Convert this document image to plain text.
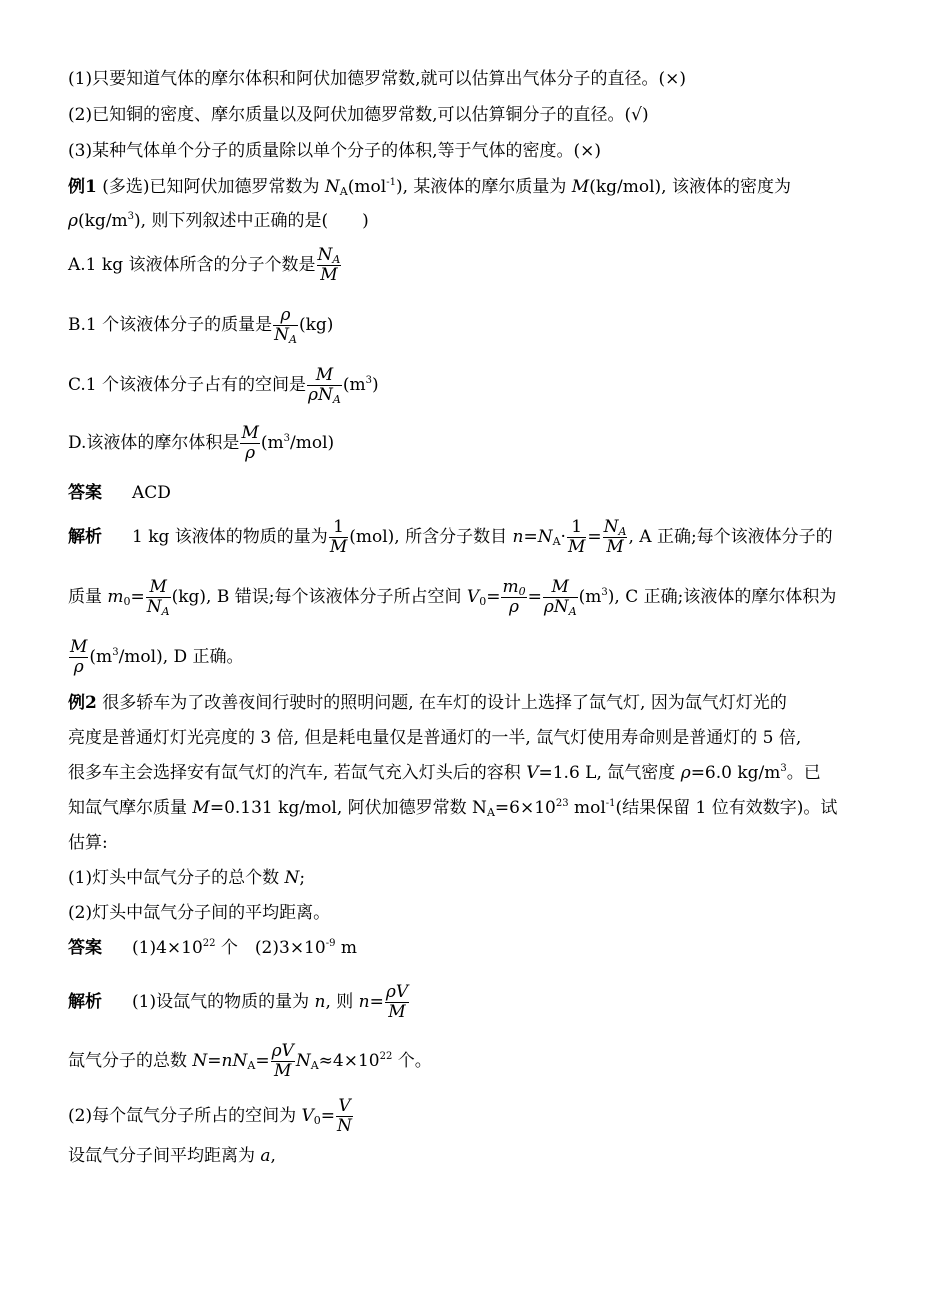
(1)只要知道气体的摩尔体积和阿伏加德罗常数,就可以估算出气体分子的直径。(×)
(2)已知铜的密度、摩尔质量以及阿伏加德罗常数,可以估算铜分子的直径。(√)
(3)某种气体单个分子的质量除以单个分子的体积,等于气体的密度。(×)
例1 (多选)已知阿伏加德罗常数为 $N_A(mol^{-1})$, 某液体的摩尔质量为 M(kg/mol), 该液体的密度为
$\rho(kg/m^3)$, 则下列叙述中正确的是(　　)
A.1 kg 该液体所含的分子个数是 $\frac{N_A}{M}$
B.1 个该液体分子的质量是 $\frac{\rho}{N_A} (kg)$
C.1 个该液体分子占有的空间是 $\frac{M}{\rho N_A} (m^3)$
D.该液体的摩尔体积是 $\frac{M}{\rho} (m^3/mol)$
答案 ACD
解析 1 kg 该液体的物质的量为 $\frac{1}{M} (mol)$, 所含分子数目 $n=N_A\cdot \frac{1}{M} = \frac{N_A}{M}$ , A 正确;每个该液体分子的
质量 $m_0= \frac{M}{N_A} (kg)$, B 错误;每个该液体分子所占空间 $V_0= \frac{m_0}{\rho} = \frac{M}{\rho N_A} (m^3)$, C 正确;该液体的摩尔体积为
$\frac{M}{\rho} (m^3/mol)$, D 正确。
例2 很多轿车为了改善夜间行驶时的照明问题, 在车灯的设计上选择了氙气灯, 因为氙气灯灯光的
亮度是普通灯灯光亮度的 3 倍, 但是耗电量仅是普通灯的一半, 氙气灯使用寿命则是普通灯的 5 倍,
很多车主会选择安有氙气灯的汽车, 若氙气充入灯头后的容积 V=1.6 L, 氙气密度 ρ=6.0 $kg/m^3$。已
知氙气摩尔质量 M=0.131 kg/mol, 阿伏加德罗常数 $N_A=6\times 10^{23}$ mol$^{-1}$(结果保留 1 位有效数字)。试
估算:
(1)灯头中氙气分子的总个数 N;
(2)灯头中氙气分子间的平均距离。
答案 $(1)4\times 10^{22}$ 个　$(2)3\times 10^{-9}$ m
解析 (1)设氙气的物质的量为 n, 则 $n= \frac{\rho V}{M}$
氙气分子的总数 $N=nN_A= \frac{\rho V}{M} N_A\approx 4\times 10^{22}$ 个。
(2)每个氙气分子所占的空间为 $V_0= \frac{V}{N}$
设氙气分子间平均距离为 a,
